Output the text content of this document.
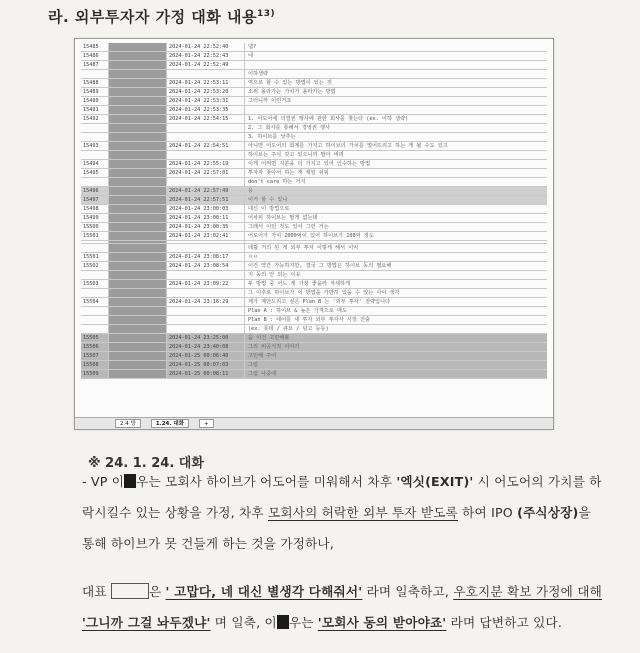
라. 외부투자자 가정 대화 내용$^{13)}$
15485	2024-01-24 22:52:40	넵?
15486	2024-01-24 22:52:43	네
15487	2024-01-24 22:52:49
이하생략
15488	2024-01-24 22:53:11	역으로 할 수 있는 방법이 있는 것
15489	2024-01-24 22:53:20	소위 올라가는 가치가 올라가는 방법
15490	2024-01-24 22:53:31	그러니까 이런거죠
15491	2024-01-24 22:53:35
15492	2024-01-24 22:54:15	1. 어도어에 의결권 행사에 관한 회사를 찾는다 (ex. 이하 생략)
2. 그 회사를 통해서 경영권 행사
3. 하이브를 낮추는
15493	2024-01-24 22:54:51	아니면 어도어의 회계를 가지고 하이브의 가치를 떨어뜨리고 하는 게 될 수도 있고
하이브는 주식 갖고 있으니까 팔아 버려
15494	2024-01-24 22:55:19	이게 어쩌면 지분을 더 가지고 있어 인수하는 방법
15495	2024-01-24 22:57:01	투자자 찾아서 하는 게 제일 쉬워
don't care 하는 거지
15496	2024-01-24 22:57:49	응
15497	2024-01-24 22:57:51	이거 할 수 있나
15498	2024-01-24 23:00:03	대신 이 방법으로
15499	2024-01-24 23:00:11	어차피 하이브는 팔게 없는데
15500	2024-01-24 23:00:35	그래서 이런 것도 있어 그런 거는
15501	2024-01-24 23:02:41	어도어가 가치 2000억이 있어 하이브가 100억 정도
데릴 거의 된 게 외부 투자 이렇게 해서 이익
15501	2024-01-24 23:08:17	ㅇㅇ
15502	2024-01-24 23:08:54	이건 약간 가능하지만, 결국 그 방법은 하이브 동의 필요해
지 동의 안 되는 이유
15503	2024-01-24 23:09:22	두 방법 중 어느 게 가장 좋을까 자세하게
그 이후로 하이브가 이 방법을 가만히 있을 수 있는 사이 생각
15504	2024-01-24 23:16:29	제가 제안드리고 싶은 Plan B 는 '외부 투자' 전략입니다
Plan A : 하이브 & 높은 가격으로 매도
Plan B : 대어를 새 투자 외부 투자사 시장 진출
(ex. 롯데 / 큐브 / 딩고 등등)
15505	2024-01-24 23:25:00	음 이건 고민해볼
15506	2024-01-24 23:40:08	그리 비공식적 이야기
15507	2024-01-25 00:06:40	고민해 주어
15508	2024-01-25 00:07:03	그럼
15509	2024-01-25 00:08:11	그럼 나중에
2.4 방	1.24. 대화	+
※ 24. 1. 24. 대화
- VP 이 우는 모회사 하이브가 어도어를 미워해서 차후 '엑싯(EXIT)' 시 어도어의 가치를 하락시킬수 있는 상황을 가정, 차후 모회사의 허락한 외부 투자 받도록 하여 IPO (주식상장)을 통해 하이브가 못 건들게 하는 것을 가정하나,
대표	은 ' 고맙다, 네 대신 별생각 다해줘서' 라며 일축하고, 우호지분 확보 가정에 대해 '그니까 그걸 놔두겠냐' 며 일축, 이 우는 '모회사 동의 받아야죠' 라며 답변하고 있다.
